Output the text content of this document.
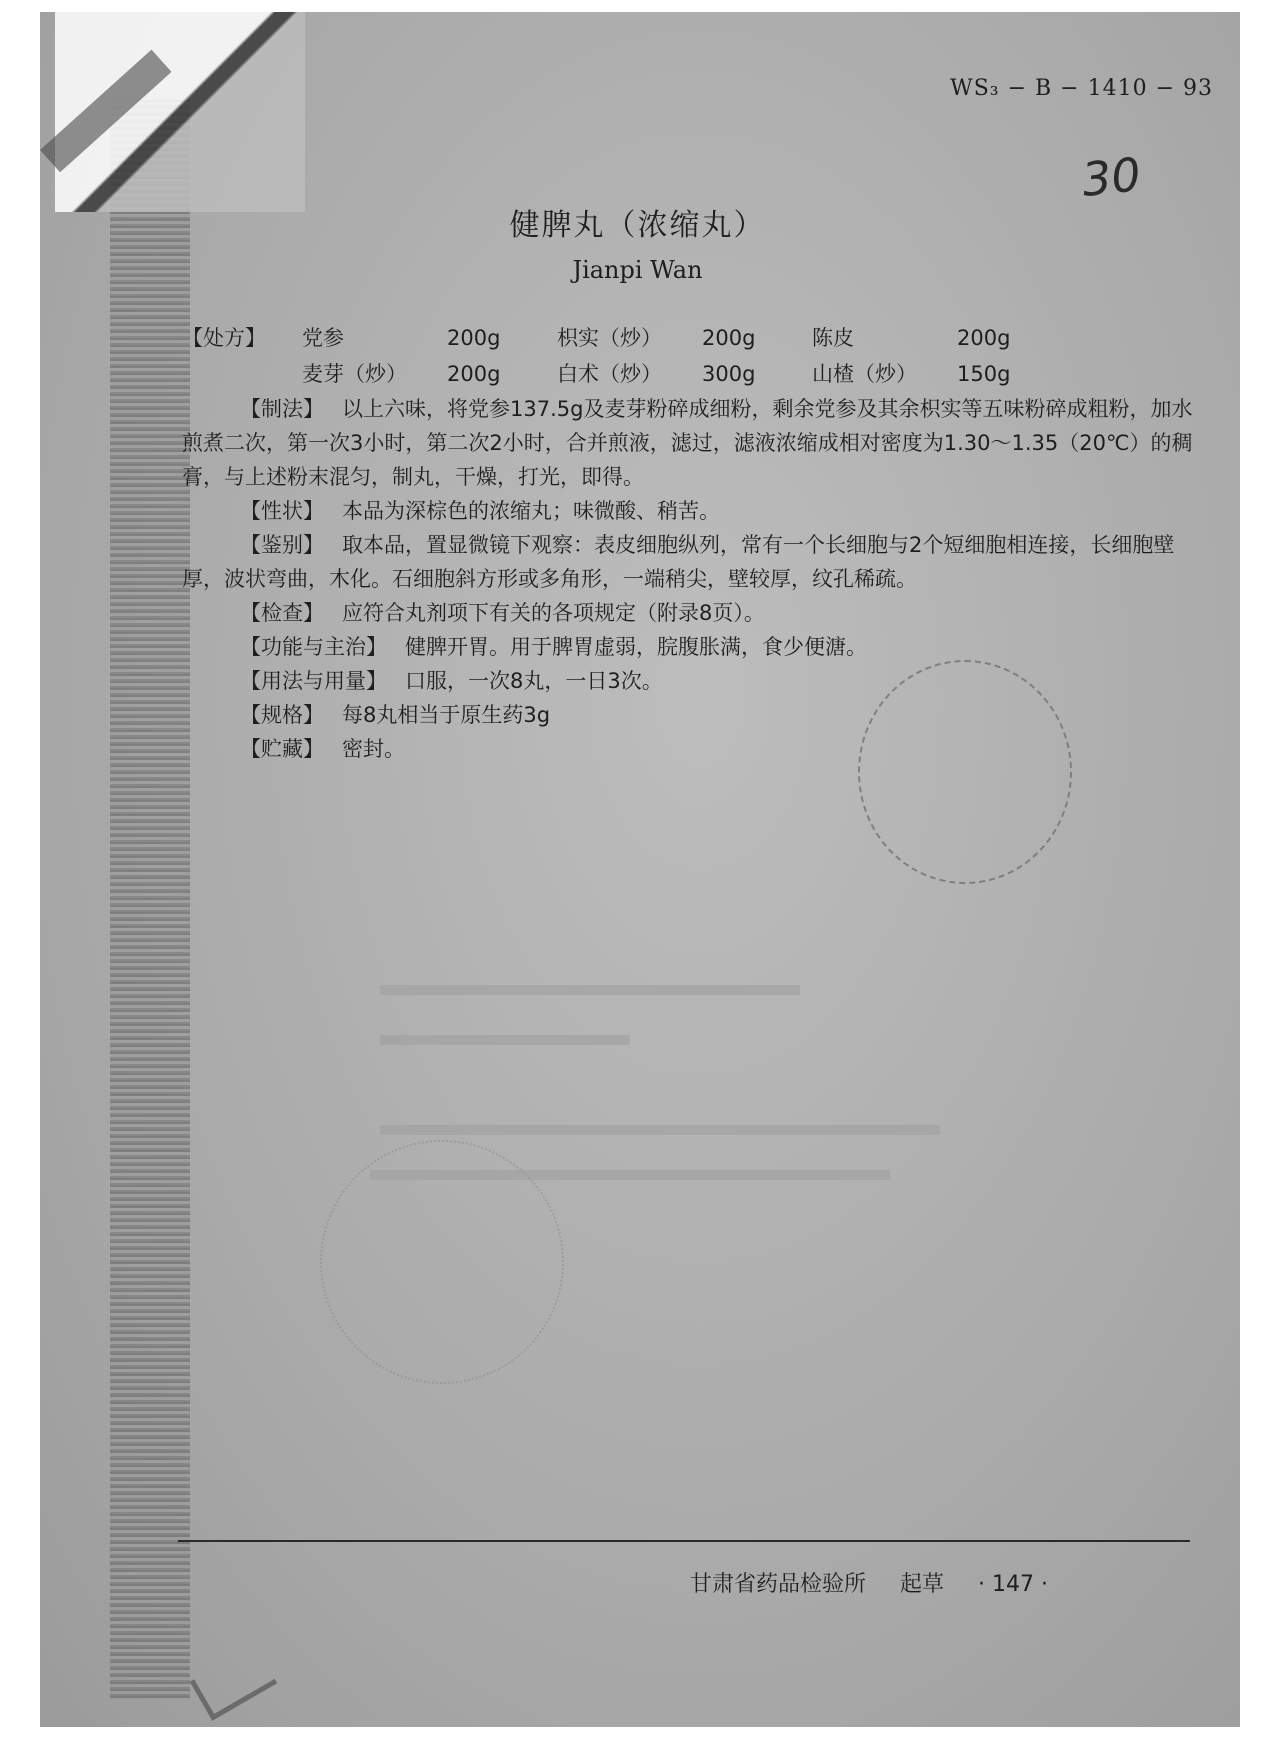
WS₃ − B − 1410 − 93
30
健脾丸（浓缩丸）
Jianpi Wan
【处方】	党参	200g	枳实（炒）	200g	陈皮	200g
麦芽（炒）	200g	白术（炒）	300g	山楂（炒）	150g

【制法】 以上六味，将党参137.5g及麦芽粉碎成细粉，剩余党参及其余枳实等五味粉碎成粗粉，加水煎煮二次，第一次3小时，第二次2小时，合并煎液，滤过，滤液浓缩成相对密度为1.30～1.35（20℃）的稠膏，与上述粉末混匀，制丸，干燥，打光，即得。

【性状】 本品为深棕色的浓缩丸；味微酸、稍苦。

【鉴别】 取本品，置显微镜下观察：表皮细胞纵列，常有一个长细胞与2个短细胞相连接，长细胞壁厚，波状弯曲，木化。石细胞斜方形或多角形，一端稍尖，壁较厚，纹孔稀疏。

【检查】 应符合丸剂项下有关的各项规定（附录8页）。

【功能与主治】 健脾开胃。用于脾胃虚弱，脘腹胀满，食少便溏。

【用法与用量】 口服，一次8丸，一日3次。

【规格】 每8丸相当于原生药3g

【贮藏】 密封。

甘肃省药品检验所 起草 · 147 ·
